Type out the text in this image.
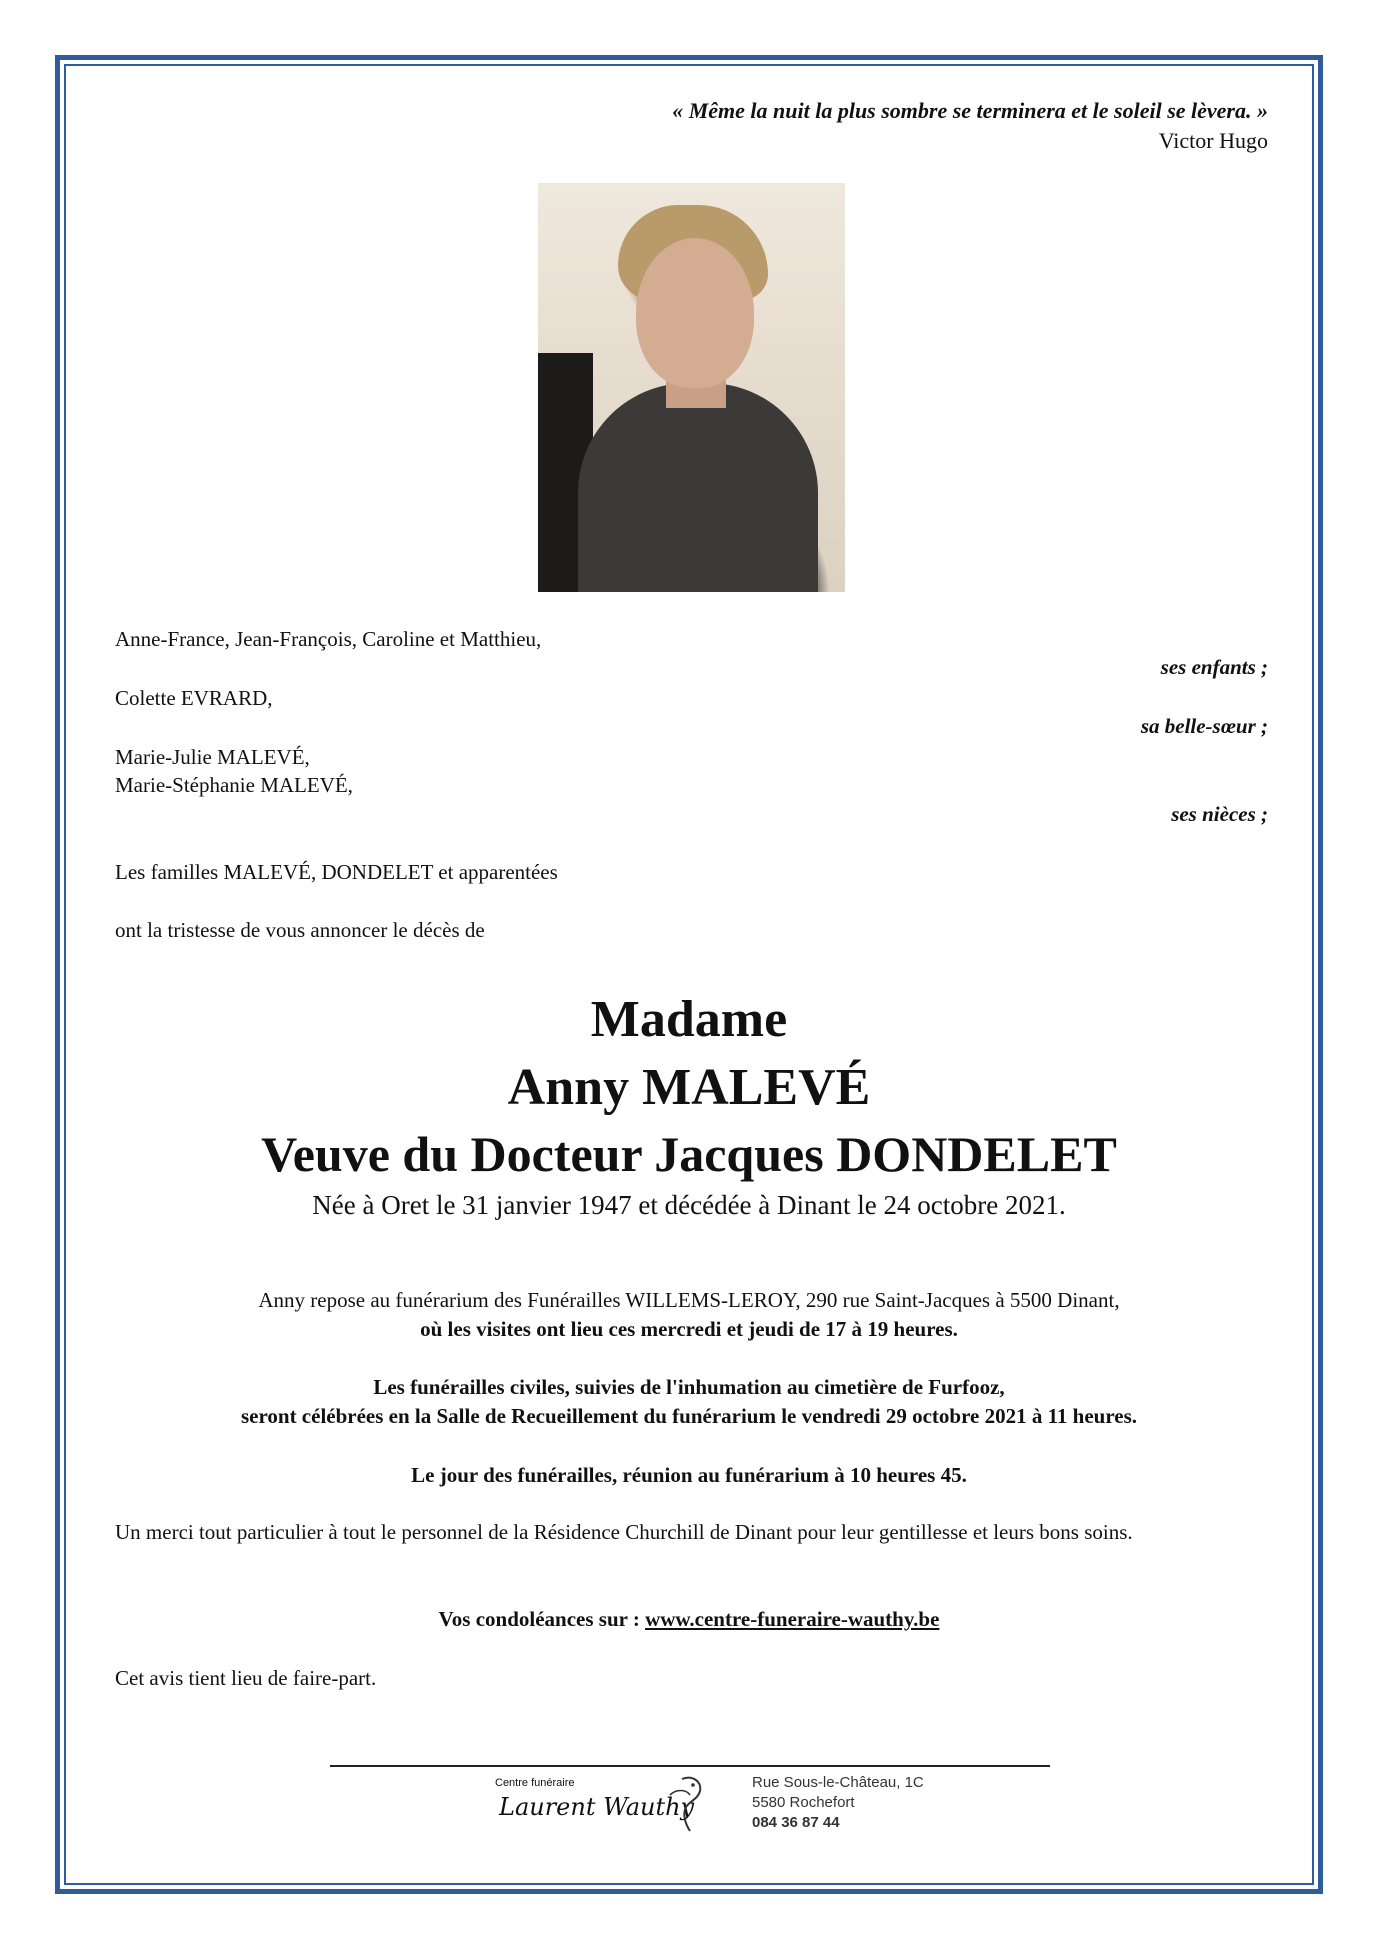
« Même la nuit la plus sombre se terminera et le soleil se lèvera. »
Victor Hugo
Anne-France, Jean-François, Caroline et Matthieu,
ses enfants ;
Colette EVRARD,
sa belle-sœur ;
Marie-Julie MALEVÉ,
Marie-Stéphanie MALEVÉ,
ses nièces ;
Les familles MALEVÉ, DONDELET et apparentées
ont la tristesse de vous annoncer le décès de
Madame
Anny MALEVÉ
Veuve du Docteur Jacques DONDELET
Née à Oret le 31 janvier 1947 et décédée à Dinant le 24 octobre 2021.
Anny repose au funérarium des Funérailles WILLEMS-LEROY, 290 rue Saint-Jacques à 5500 Dinant,
où les visites ont lieu ces mercredi et jeudi de 17 à 19 heures.
Les funérailles civiles, suivies de l'inhumation au cimetière de Furfooz,
seront célébrées en la Salle de Recueillement du funérarium le vendredi 29 octobre 2021 à 11 heures.
Le jour des funérailles, réunion au funérarium à 10 heures 45.
Un merci tout particulier à tout le personnel de la Résidence Churchill de Dinant pour leur gentillesse et leurs bons soins.
Vos condoléances sur : www.centre-funeraire-wauthy.be
Cet avis tient lieu de faire-part.
Centre funéraire
Laurent Wauthy
Rue Sous-le-Château, 1C
5580 Rochefort
084 36 87 44
